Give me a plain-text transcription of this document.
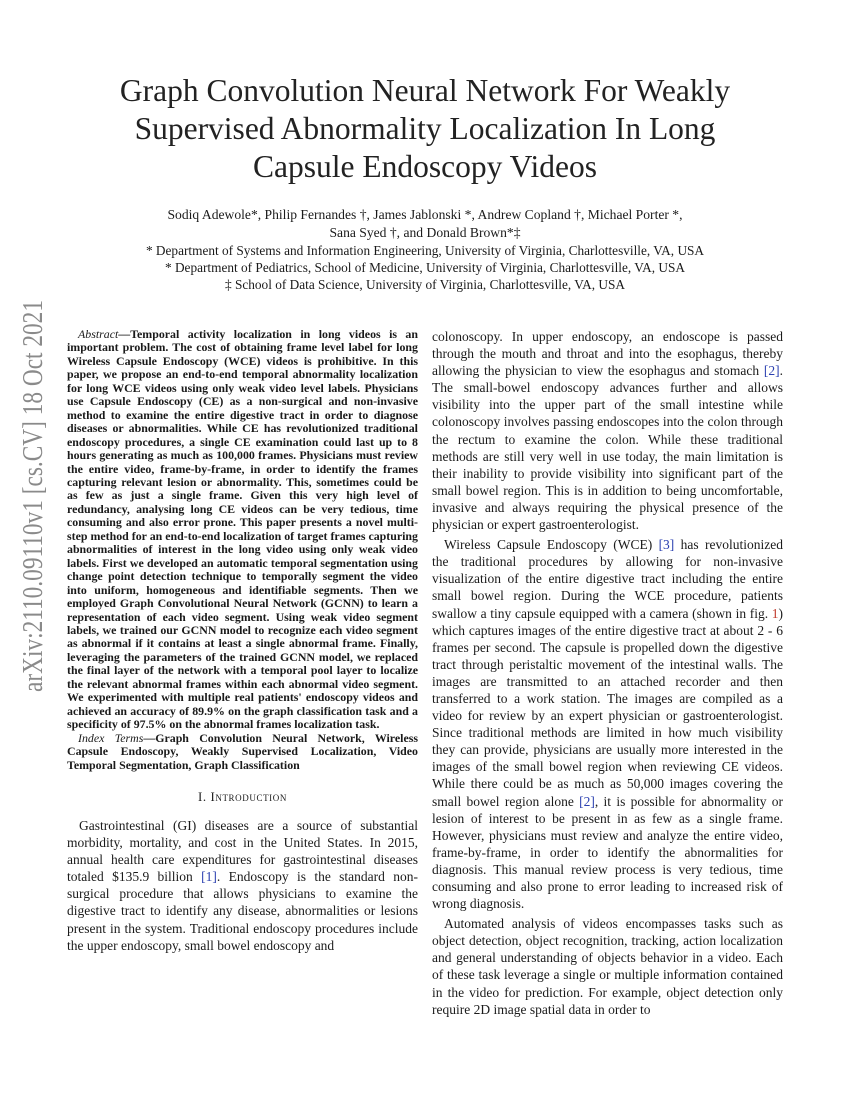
arXiv:2110.09110v1 [cs.CV] 18 Oct 2021
Graph Convolution Neural Network For Weakly
Supervised Abnormality Localization In Long
Capsule Endoscopy Videos
Sodiq Adewole*, Philip Fernandes †, James Jablonski *, Andrew Copland †, Michael Porter *,
Sana Syed †, and Donald Brown*‡
* Department of Systems and Information Engineering, University of Virginia, Charlottesville, VA, USA
* Department of Pediatrics, School of Medicine, University of Virginia, Charlottesville, VA, USA
‡ School of Data Science, University of Virginia, Charlottesville, VA, USA

Abstract—Temporal activity localization in long videos is an important problem. The cost of obtaining frame level label for long Wireless Capsule Endoscopy (WCE) videos is prohibitive. In this paper, we propose an end-to-end temporal abnormality localization for long WCE videos using only weak video level labels. Physicians use Capsule Endoscopy (CE) as a non-surgical and non-invasive method to examine the entire digestive tract in order to diagnose diseases or abnormalities. While CE has revolutionized traditional endoscopy procedures, a single CE examination could last up to 8 hours generating as much as 100,000 frames. Physicians must review the entire video, frame-by-frame, in order to identify the frames capturing relevant lesion or abnormality. This, sometimes could be as few as just a single frame. Given this very high level of redundancy, analysing long CE videos can be very tedious, time consuming and also error prone. This paper presents a novel multi-step method for an end-to-end localization of target frames capturing abnormalities of interest in the long video using only weak video labels. First we developed an automatic temporal segmentation using change point detection technique to temporally segment the video into uniform, homogeneous and identifiable segments. Then we employed Graph Convolutional Neural Network (GCNN) to learn a representation of each video segment. Using weak video segment labels, we trained our GCNN model to recognize each video segment as abnormal if it contains at least a single abnormal frame. Finally, leveraging the parameters of the trained GCNN model, we replaced the final layer of the network with a temporal pool layer to localize the relevant abnormal frames within each abnormal video segment. We experimented with multiple real patients' endoscopy videos and achieved an accuracy of 89.9% on the graph classification task and a specificity of 97.5% on the abnormal frames localization task.

Index Terms—Graph Convolution Neural Network, Wireless Capsule Endoscopy, Weakly Supervised Localization, Video Temporal Segmentation, Graph Classification

I. Introduction

Gastrointestinal (GI) diseases are a source of substantial morbidity, mortality, and cost in the United States. In 2015, annual health care expenditures for gastrointestinal diseases totaled $135.9 billion [1]. Endoscopy is the standard non-surgical procedure that allows physicians to examine the digestive tract to identify any disease, abnormalities or lesions present in the system. Traditional endoscopy procedures include the upper endoscopy, small bowel endoscopy and

colonoscopy. In upper endoscopy, an endoscope is passed through the mouth and throat and into the esophagus, thereby allowing the physician to view the esophagus and stomach [2]. The small-bowel endoscopy advances further and allows visibility into the upper part of the small intestine while colonoscopy involves passing endoscopes into the colon through the rectum to examine the colon. While these traditional methods are still very well in use today, the main limitation is their inability to provide visibility into significant part of the small bowel region. This is in addition to being uncomfortable, invasive and always requiring the physical presence of the physician or expert gastroenterologist.

Wireless Capsule Endoscopy (WCE) [3] has revolutionized the traditional procedures by allowing for non-invasive visualization of the entire digestive tract including the entire small bowel region. During the WCE procedure, patients swallow a tiny capsule equipped with a camera (shown in fig. 1) which captures images of the entire digestive tract at about 2 - 6 frames per second. The capsule is propelled down the digestive tract through peristaltic movement of the intestinal walls. The images are transmitted to an attached recorder and then transferred to a work station. The images are compiled as a video for review by an expert physician or gastroenterologist. Since traditional methods are limited in how much visibility they can provide, physicians are usually more interested in the images of the small bowel region when reviewing CE videos. While there could be as much as 50,000 images covering the small bowel region alone [2], it is possible for abnormality or lesion of interest to be present in as few as a single frame. However, physicians must review and analyze the entire video, frame-by-frame, in order to identify the abnormalities for diagnosis. This manual review process is very tedious, time consuming and also prone to error leading to increased risk of wrong diagnosis.

Automated analysis of videos encompasses tasks such as object detection, object recognition, tracking, action localization and general understanding of objects behavior in a video. Each of these task leverage a single or multiple information contained in the video for prediction. For example, object detection only require 2D image spatial data in order to
